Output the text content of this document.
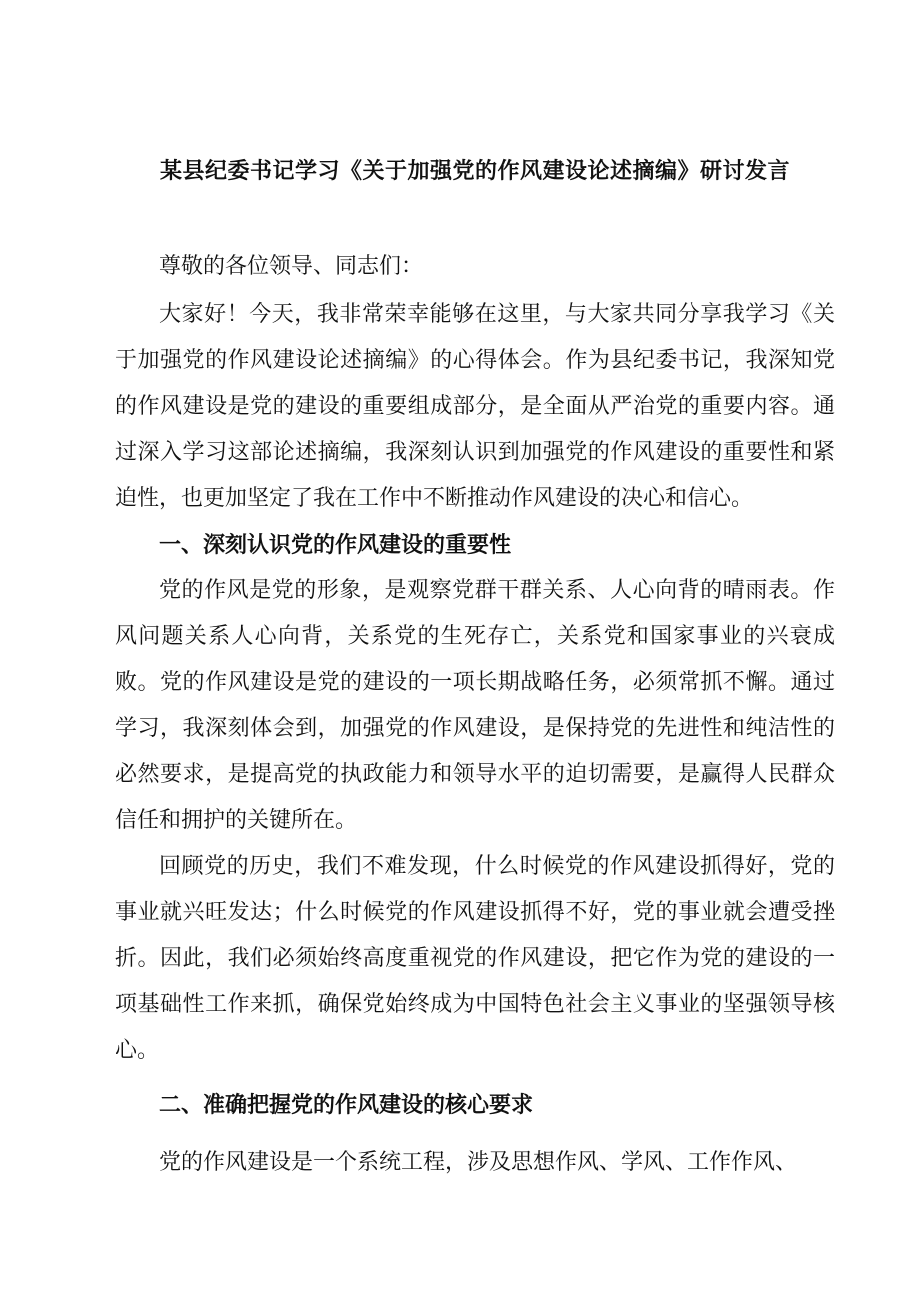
某县纪委书记学习《关于加强党的作风建设论述摘编》研讨发言

尊敬的各位领导、同志们：

大家好！今天，我非常荣幸能够在这里，与大家共同分享我学习《关于加强党的作风建设论述摘编》的心得体会。作为县纪委书记，我深知党的作风建设是党的建设的重要组成部分，是全面从严治党的重要内容。通过深入学习这部论述摘编，我深刻认识到加强党的作风建设的重要性和紧迫性，也更加坚定了我在工作中不断推动作风建设的决心和信心。

一、深刻认识党的作风建设的重要性

党的作风是党的形象，是观察党群干群关系、人心向背的晴雨表。作风问题关系人心向背，关系党的生死存亡，关系党和国家事业的兴衰成败。党的作风建设是党的建设的一项长期战略任务，必须常抓不懈。通过学习，我深刻体会到，加强党的作风建设，是保持党的先进性和纯洁性的必然要求，是提高党的执政能力和领导水平的迫切需要，是赢得人民群众信任和拥护的关键所在。

回顾党的历史，我们不难发现，什么时候党的作风建设抓得好，党的事业就兴旺发达；什么时候党的作风建设抓得不好，党的事业就会遭受挫折。因此，我们必须始终高度重视党的作风建设，把它作为党的建设的一项基础性工作来抓，确保党始终成为中国特色社会主义事业的坚强领导核心。

二、准确把握党的作风建设的核心要求

党的作风建设是一个系统工程，涉及思想作风、学风、工作作风、
